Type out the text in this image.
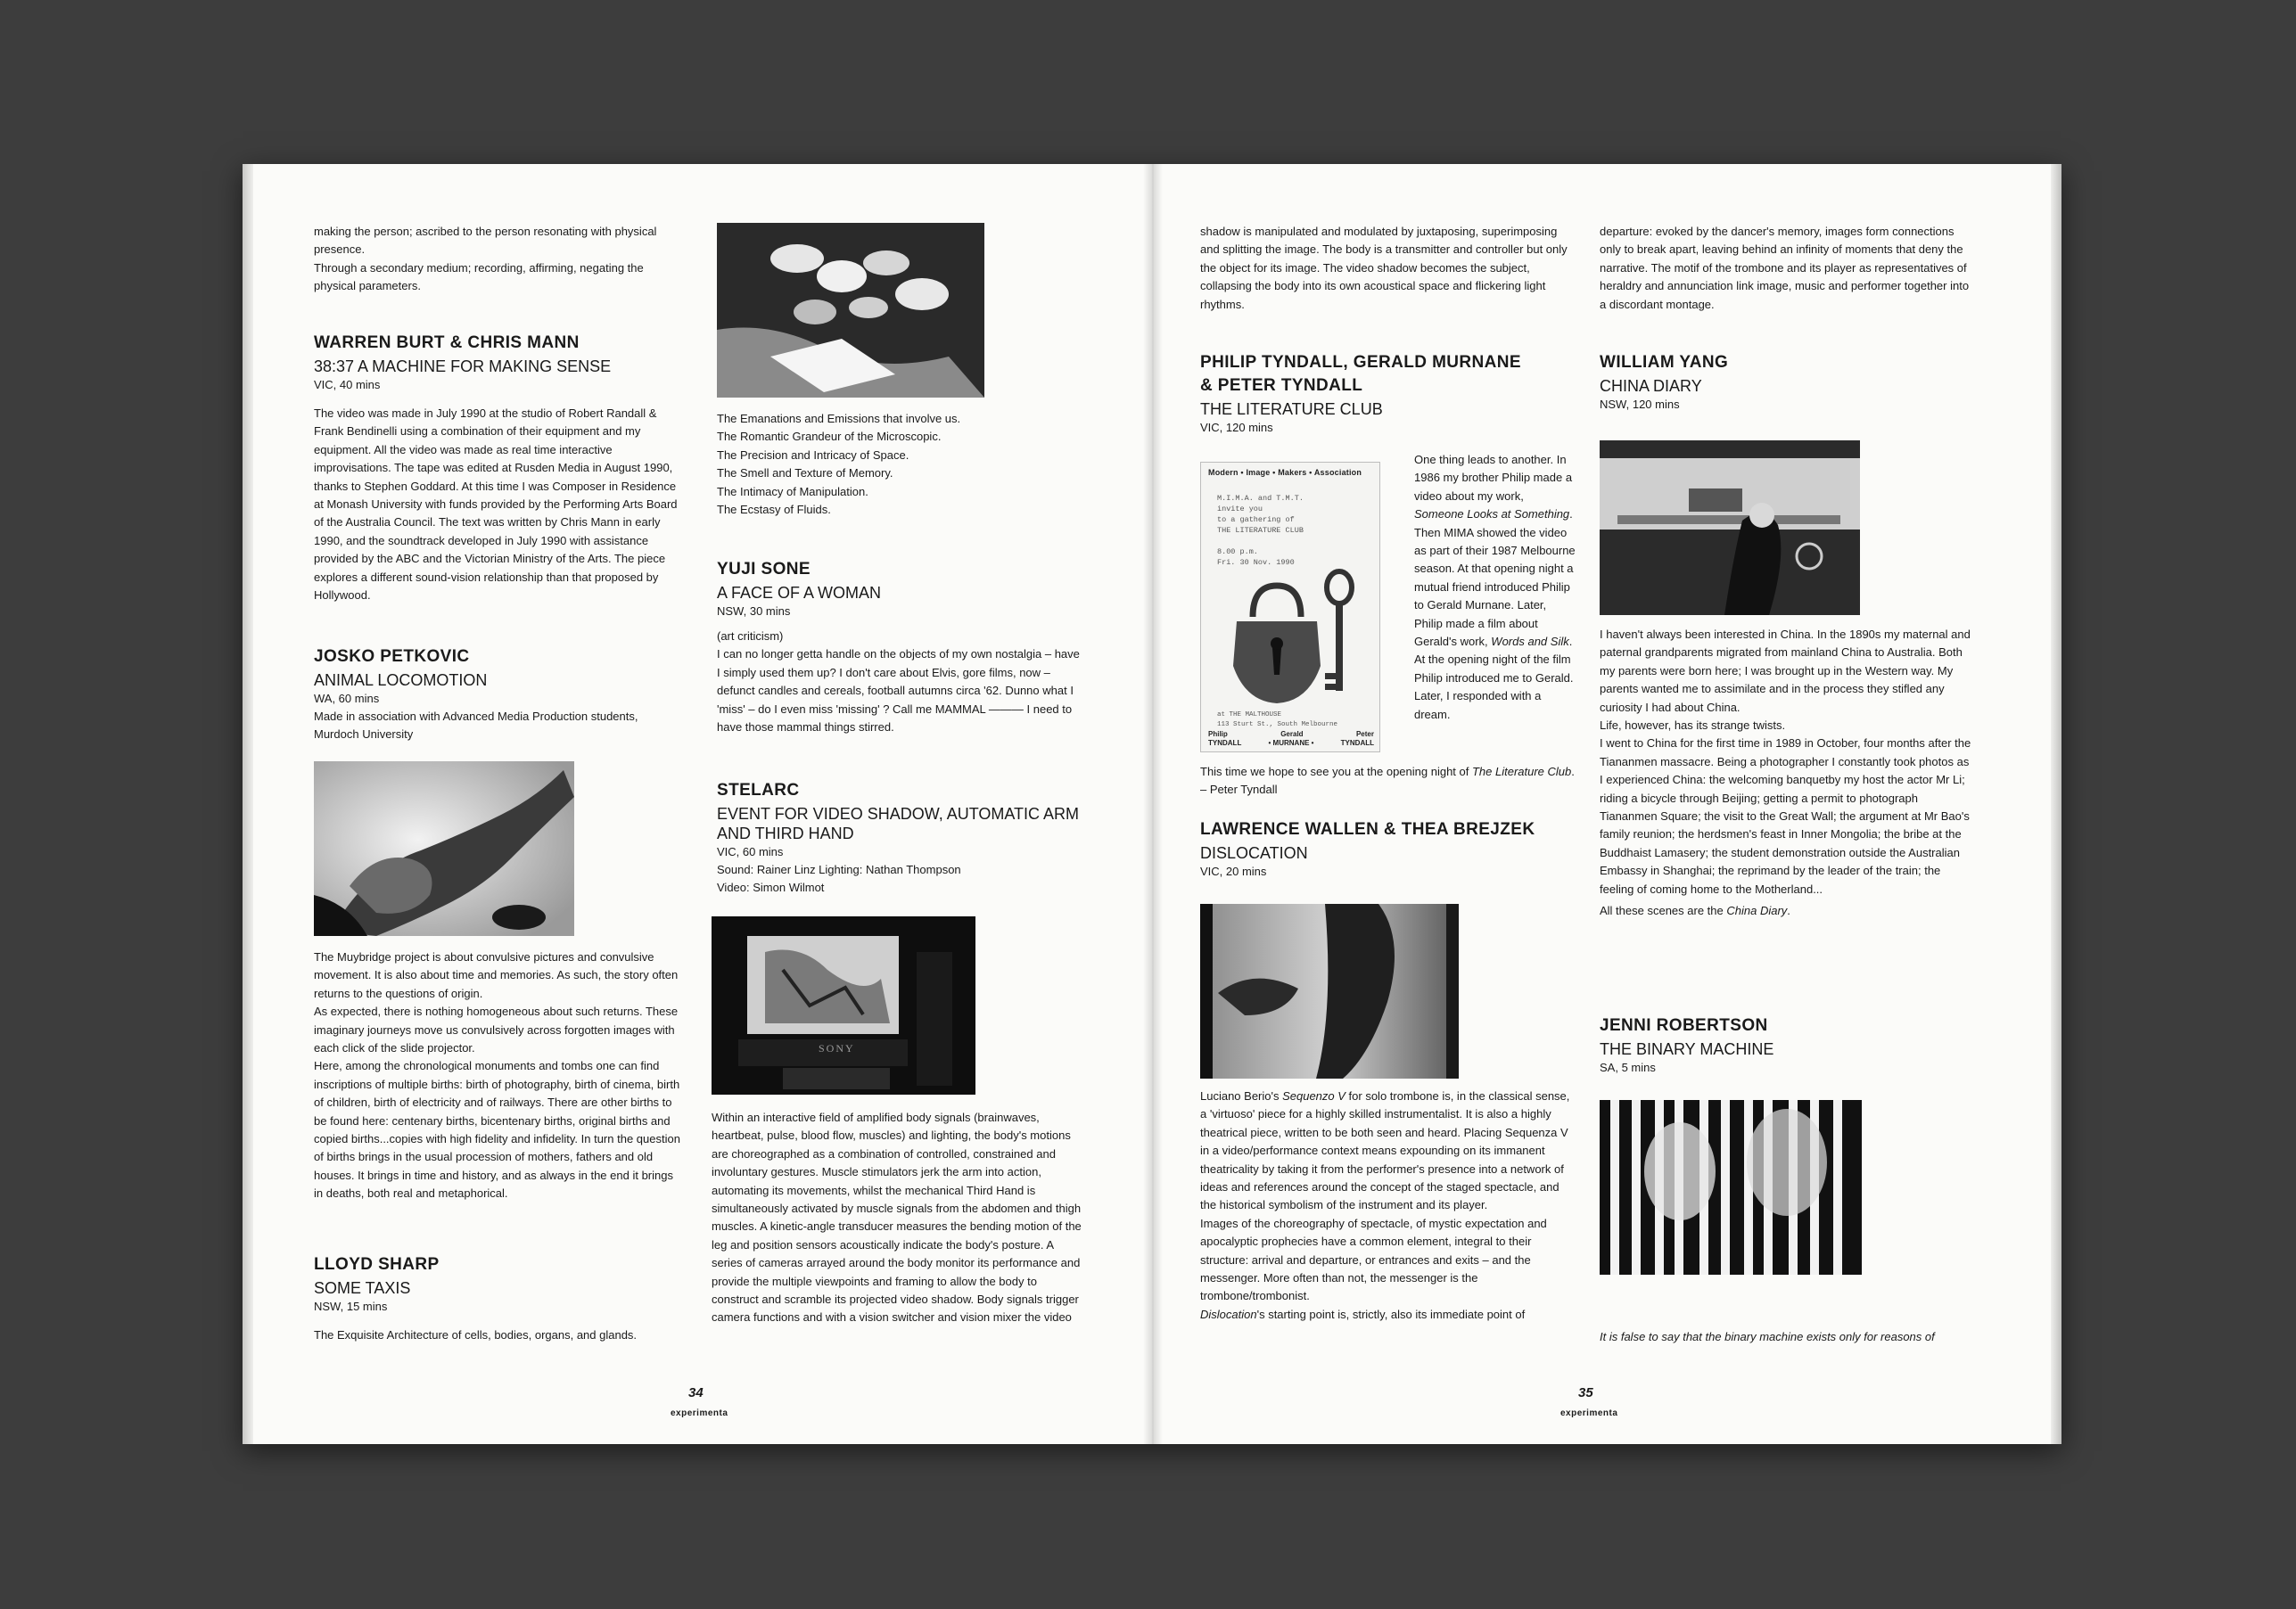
making the person; ascribed to the person resonating with physical presence.

Through a secondary medium; recording, affirming, negating the physical parameters.

WARREN BURT & CHRIS MANN
38:37 A MACHINE FOR MAKING SENSE
VIC, 40 mins

The video was made in July 1990 at the studio of Robert Randall & Frank Bendinelli using a combination of their equipment and my equipment. All the video was made as real time interactive improvisations. The tape was edited at Rusden Media in August 1990, thanks to Stephen Goddard. At this time I was Composer in Residence at Monash University with funds provided by the Performing Arts Board of the Australia Council. The text was written by Chris Mann in early 1990, and the soundtrack developed in July 1990 with assistance provided by the ABC and the Victorian Ministry of the Arts. The piece explores a different sound-vision relationship than that proposed by Hollywood.

JOSKO PETKOVIC
ANIMAL LOCOMOTION
WA, 60 mins

Made in association with Advanced Media Production students, Murdoch University

The Muybridge project is about convulsive pictures and convulsive movement. It is also about time and memories. As such, the story often returns to the questions of origin.

As expected, there is nothing homogeneous about such returns. These imaginary journeys move us convulsively across forgotten images with each click of the slide projector.

Here, among the chronological monuments and tombs one can find inscriptions of multiple births: birth of photography, birth of cinema, birth of children, birth of electricity and of railways. There are other births to be found here: centenary births, bicentenary births, original births and copied births...copies with high fidelity and infidelity. In turn the question of births brings in the usual procession of mothers, fathers and old houses. It brings in time and history, and as always in the end it brings in deaths, both real and metaphorical.

LLOYD SHARP
SOME TAXIS
NSW, 15 mins

The Exquisite Architecture of cells, bodies, organs, and glands.

The Emanations and Emissions that involve us.

The Romantic Grandeur of the Microscopic.

The Precision and Intricacy of Space.

The Smell and Texture of Memory.

The Intimacy of Manipulation.

The Ecstasy of Fluids.

YUJI SONE
A FACE OF A WOMAN
NSW, 30 mins

(art criticism)

I can no longer getta handle on the objects of my own nostalgia – have I simply used them up? I don't care about Elvis, gore films, now – defunct candles and cereals, football autumns circa '62. Dunno what I 'miss' – do I even miss 'missing' ? Call me MAMMAL ——— I need to have those mammal things stirred.

STELARC
EVENT FOR VIDEO SHADOW, AUTOMATIC ARM
AND THIRD HAND
VIC, 60 mins
Sound: Rainer Linz Lighting: Nathan Thompson
Video: Simon Wilmot
SONY

Within an interactive field of amplified body signals (brainwaves, heartbeat, pulse, blood flow, muscles) and lighting, the body's motions are choreographed as a combination of controlled, constrained and involuntary gestures. Muscle stimulators jerk the arm into action, automating its movements, whilst the mechanical Third Hand is simultaneously activated by muscle signals from the abdomen and thigh muscles. A kinetic-angle transducer measures the bending motion of the leg and position sensors acoustically indicate the body's posture. A series of cameras arrayed around the body monitor its performance and provide the multiple viewpoints and framing to allow the body to construct and scramble its projected video shadow. Body signals trigger camera functions and with a vision switcher and vision mixer the video

34
experimenta

shadow is manipulated and modulated by juxtaposing, superimposing and splitting the image. The body is a transmitter and controller but only the object for its image. The video shadow becomes the subject, collapsing the body into its own acoustical space and flickering light rhythms.

PHILIP TYNDALL, GERALD MURNANE
& PETER TYNDALL
THE LITERATURE CLUB
VIC, 120 mins
Modern • Image • Makers • Association
M.I.M.A. and T.M.T.
invite you
to a gathering of
THE LITERATURE CLUB
8.00 p.m.
Fri. 30 Nov. 1990
at THE MALTHOUSE
113 Sturt St., South Melbourne
Philip	Gerald	Peter
TYNDALL	• MURNANE •	TYNDALL

One thing leads to another. In 1986 my brother Philip made a video about my work, Someone Looks at Something. Then MIMA showed the video as part of their 1987 Melbourne season. At that opening night a mutual friend introduced Philip to Gerald Murnane. Later, Philip made a film about Gerald's work, Words and Silk. At the opening night of the film Philip introduced me to Gerald. Later, I responded with a dream.

This time we hope to see you at the opening night of The Literature Club. – Peter Tyndall

LAWRENCE WALLEN & THEA BREJZEK
DISLOCATION
VIC, 20 mins

Luciano Berio's Sequenzo V for solo trombone is, in the classical sense, a 'virtuoso' piece for a highly skilled instrumentalist. It is also a highly theatrical piece, written to be both seen and heard. Placing Sequenza V in a video/performance context means expounding on its immanent theatricality by taking it from the performer's presence into a network of ideas and references around the concept of the staged spectacle, and the historical symbolism of the instrument and its player.

Images of the choreography of spectacle, of mystic expectation and apocalyptic prophecies have a common element, integral to their structure: arrival and departure, or entrances and exits – and the messenger. More often than not, the messenger is the trombone/trombonist.

Dislocation's starting point is, strictly, also its immediate point of

departure: evoked by the dancer's memory, images form connections only to break apart, leaving behind an infinity of moments that deny the narrative. The motif of the trombone and its player as representatives of heraldry and annunciation link image, music and performer together into a discordant montage.

WILLIAM YANG
CHINA DIARY
NSW, 120 mins

I haven't always been interested in China. In the 1890s my maternal and paternal grandparents migrated from mainland China to Australia. Both my parents were born here; I was brought up in the Western way. My parents wanted me to assimilate and in the process they stifled any curiosity I had about China.

Life, however, has its strange twists.

I went to China for the first time in 1989 in October, four months after the Tiananmen massacre. Being a photographer I constantly took photos as I experienced China: the welcoming banquetby my host the actor Mr Li; riding a bicycle through Beijing; getting a permit to photograph Tiananmen Square; the visit to the Great Wall; the argument at Mr Bao's family reunion; the herdsmen's feast in Inner Mongolia; the bribe at the Buddhaist Lamasery; the student demonstration outside the Australian Embassy in Shanghai; the reprimand by the leader of the train; the feeling of coming home to the Motherland...

All these scenes are the China Diary.

JENNI ROBERTSON
THE BINARY MACHINE
SA, 5 mins

It is false to say that the binary machine exists only for reasons of

35
experimenta
